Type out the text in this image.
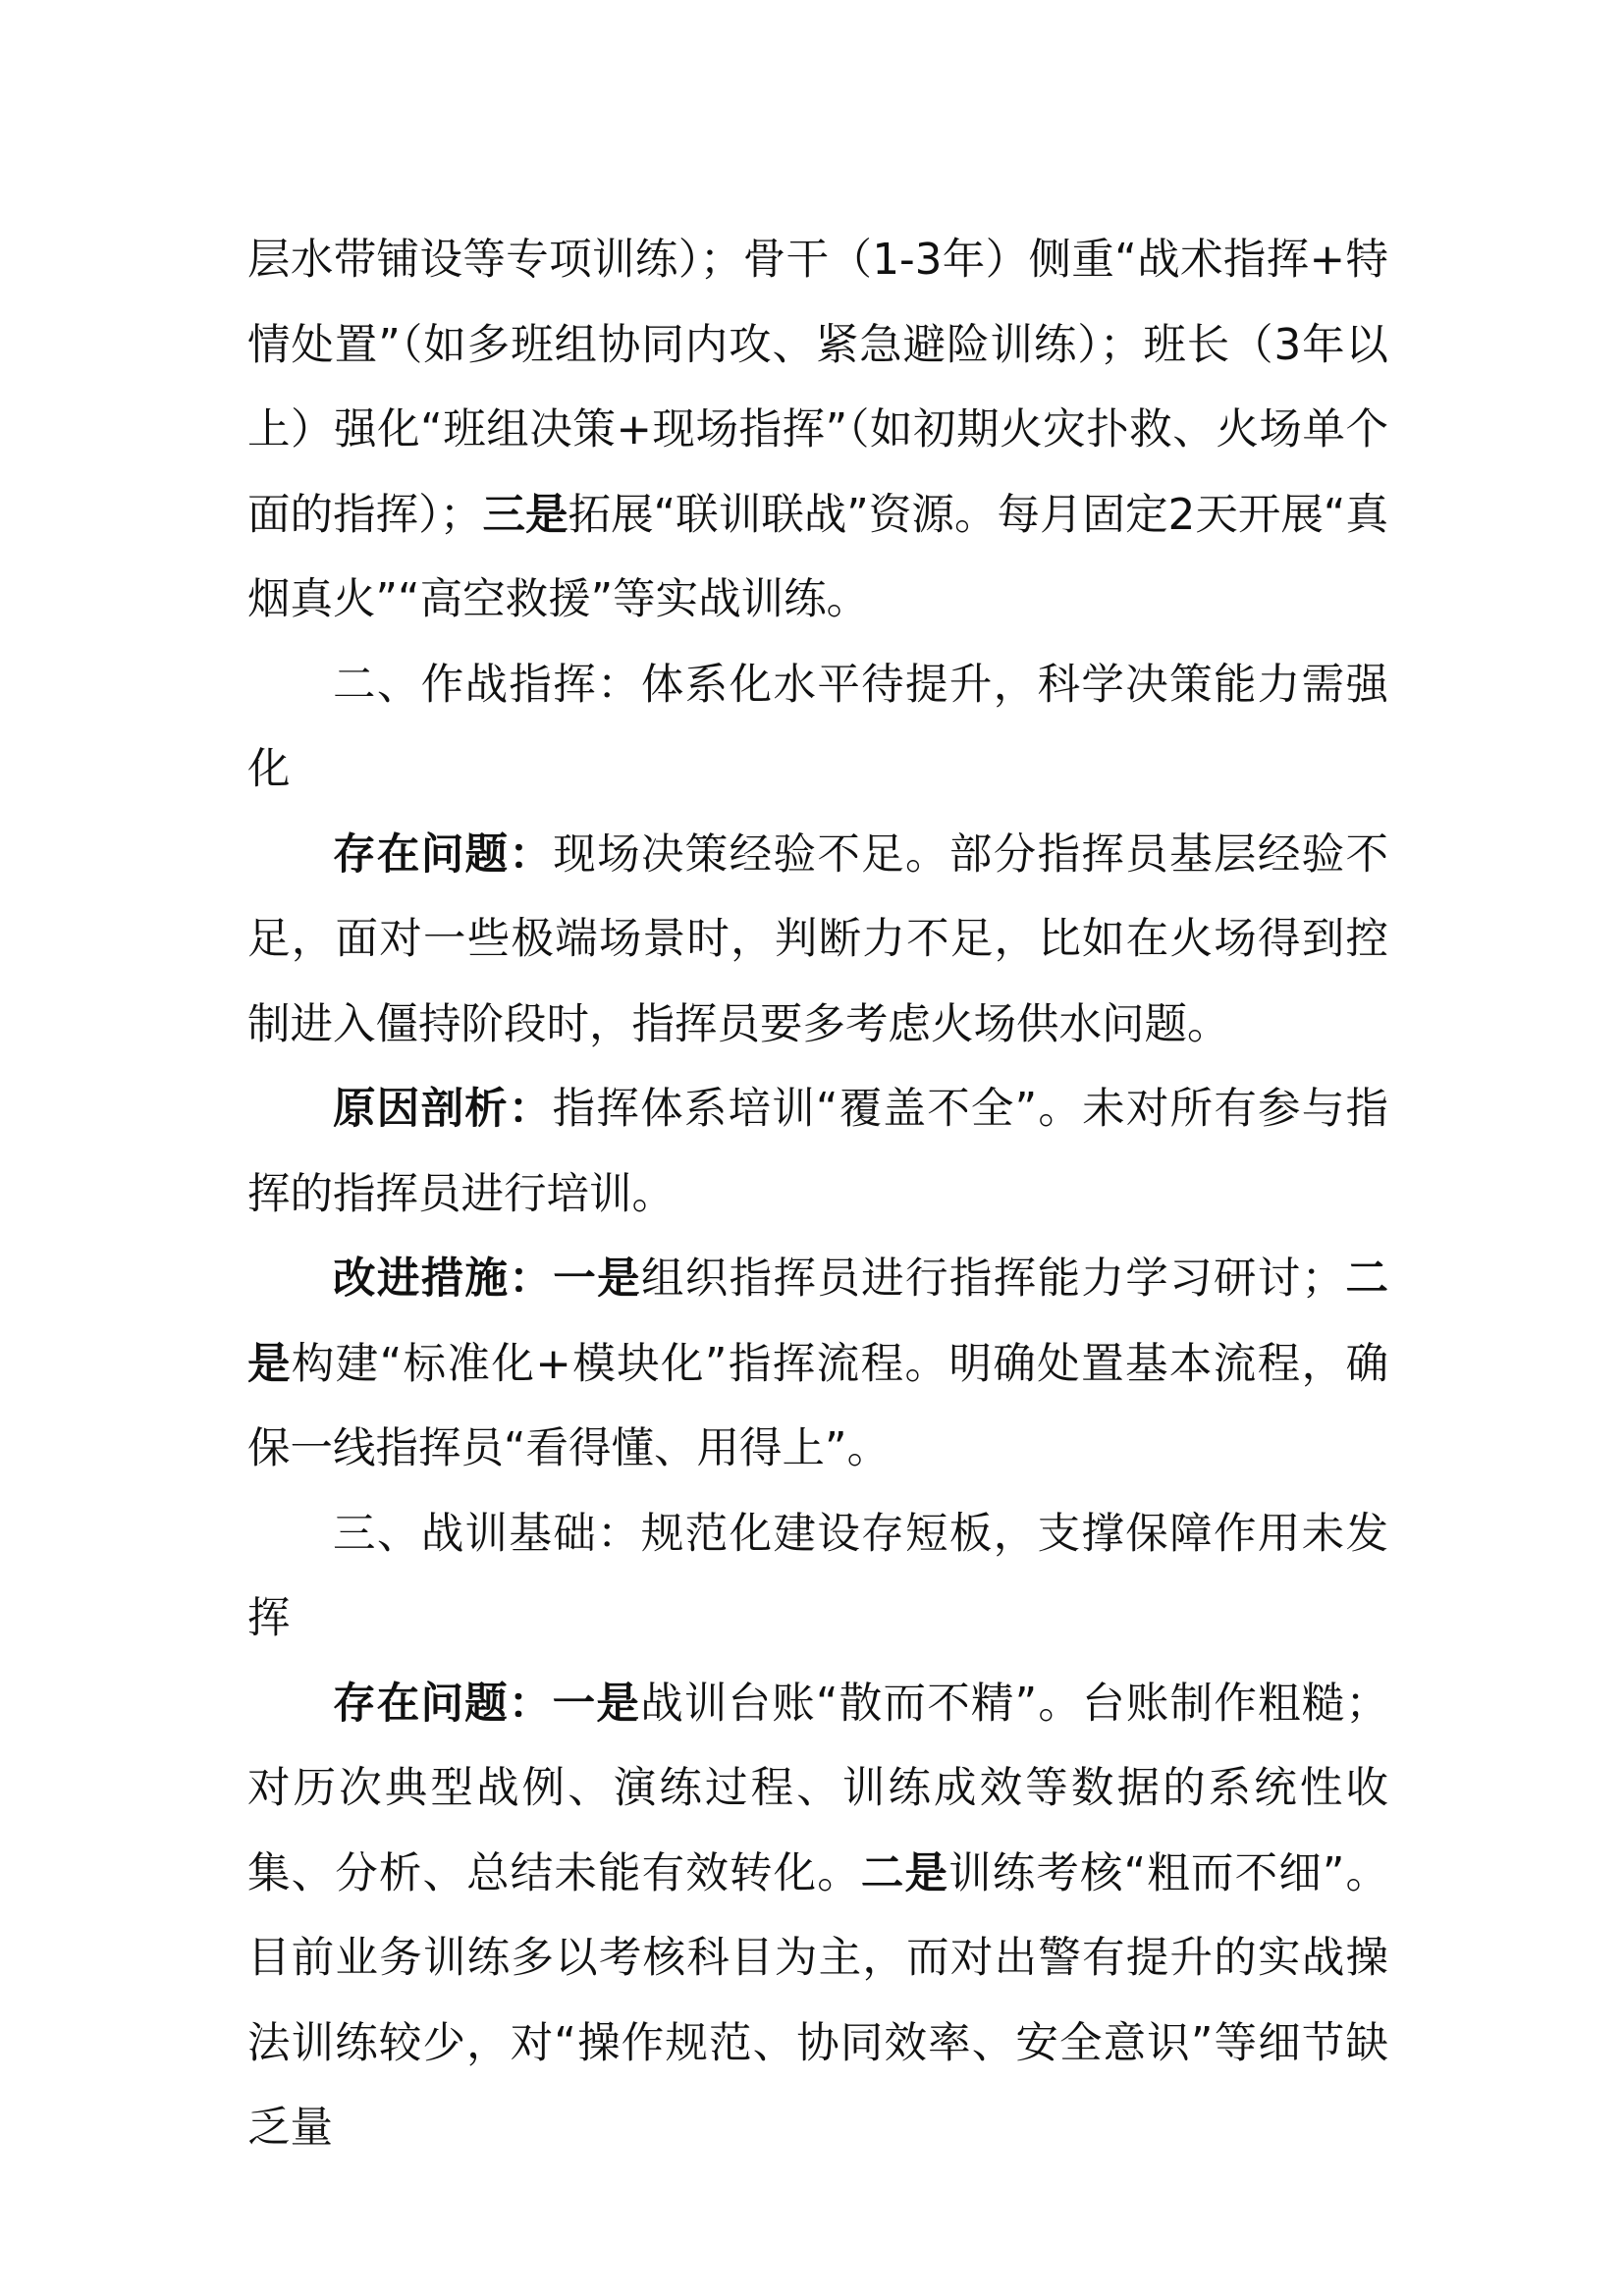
层水带铺设等专项训练）；骨干（1-3年）侧重“战术指挥+特情处置”（如多班组协同内攻、紧急避险训练）；班长（3年以上）强化“班组决策+现场指挥”（如初期火灾扑救、火场单个面的指挥）；三是拓展“联训联战”资源。每月固定2天开展“真烟真火”“高空救援”等实战训练。

二、作战指挥：体系化水平待提升，科学决策能力需强化

存在问题：现场决策经验不足。部分指挥员基层经验不足，面对一些极端场景时，判断力不足，比如在火场得到控制进入僵持阶段时，指挥员要多考虑火场供水问题。

原因剖析：指挥体系培训“覆盖不全”。未对所有参与指挥的指挥员进行培训。

改进措施：一是组织指挥员进行指挥能力学习研讨；二是构建“标准化+模块化”指挥流程。明确处置基本流程，确保一线指挥员“看得懂、用得上”。

三、战训基础：规范化建设存短板，支撑保障作用未发挥

存在问题：一是战训台账“散而不精”。台账制作粗糙；对历次典型战例、演练过程、训练成效等数据的系统性收集、分析、总结未能有效转化。二是训练考核“粗而不细”。目前业务训练多以考核科目为主，而对出警有提升的实战操法训练较少，对“操作规范、协同效率、安全意识”等细节缺乏量
